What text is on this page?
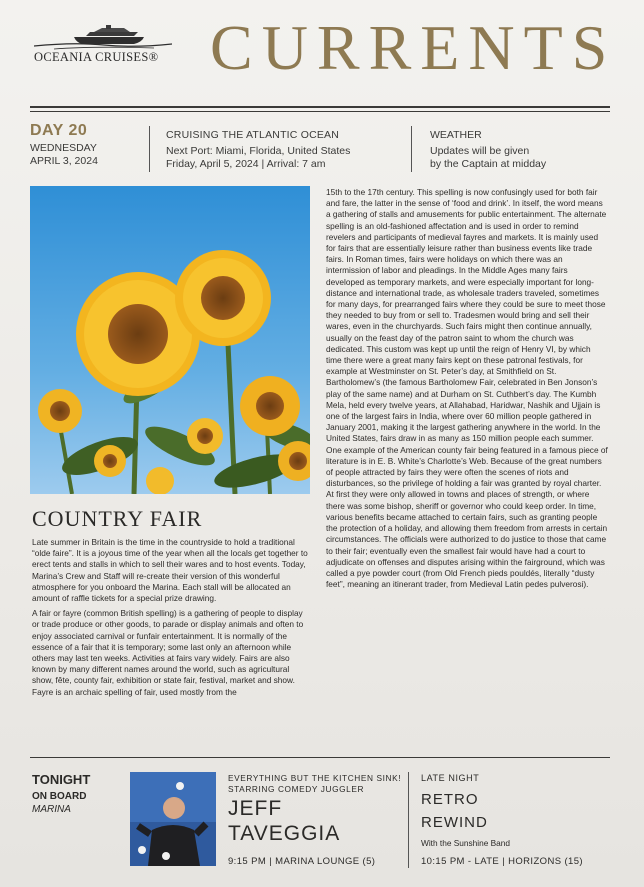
OCEANIA CRUISES® CURRENTS
DAY 20
WEDNESDAY
APRIL 3, 2024
CRUISING THE ATLANTIC OCEAN
Next Port: Miami, Florida, United States
Friday, April 5, 2024 | Arrival: 7 am
WEATHER
Updates will be given
by the Captain at midday
COUNTRY FAIR

Late summer in Britain is the time in the countryside to hold a traditional “olde faire”. It is a joyous time of the year when all the locals get together to erect tents and stalls in which to sell their wares and to host events. Today, Marina’s Crew and Staff will re-create their version of this wonderful atmosphere for you onboard the Marina. Each stall will be allocated an amount of raffle tickets for a special prize drawing.

A fair or fayre (common British spelling) is a gathering of people to display or trade produce or other goods, to parade or display animals and often to enjoy associated carnival or funfair entertainment. It is normally of the essence of a fair that it is temporary; some last only an afternoon while others may last ten weeks. Activities at fairs vary widely. Fairs are also known by many different names around the world, such as agricultural show, fête, county fair, exhibition or state fair, festival, market and show. Fayre is an archaic spelling of fair, used mostly from the

15th to the 17th century. This spelling is now confusingly used for both fair and fare, the latter in the sense of ‘food and drink’. In itself, the word means a gathering of stalls and amusements for public entertainment. The alternate spelling is an old-fashioned affectation and is used in order to remind revelers and participants of medieval fayres and markets. It is mainly used for fairs that are essentially leisure rather than business events like trade fairs. In Roman times, fairs were holidays on which there was an intermission of labor and pleadings. In the Middle Ages many fairs developed as temporary markets, and were especially important for long-distance and international trade, as wholesale traders traveled, sometimes for many days, for prearranged fairs where they could be sure to meet those they needed to buy from or sell to. Tradesmen would bring and sell their wares, even in the churchyards. Such fairs might then continue annually, usually on the feast day of the patron saint to whom the church was dedicated. This custom was kept up until the reign of Henry VI, by which time there were a great many fairs kept on these patronal festivals, for example at Westminster on St. Peter’s day, at Smithfield on St. Bartholomew’s (the famous Bartholomew Fair, celebrated in Ben Jonson’s play of the same name) and at Durham on St. Cuthbert’s day. The Kumbh Mela, held every twelve years, at Allahabad, Haridwar, Nashik and Ujjain is one of the largest fairs in India, where over 60 million people gathered in January 2001, making it the largest gathering anywhere in the world. In the United States, fairs draw in as many as 150 million people each summer. One example of the American county fair being featured in a famous piece of literature is in E. B. White’s Charlotte’s Web. Because of the great numbers of people attracted by fairs they were often the scenes of riots and disturbances, so the privilege of holding a fair was granted by royal charter. At first they were only allowed in towns and places of strength, or where there was some bishop, sheriff or governor who could keep order. In time, various benefits became attached to certain fairs, such as granting people the protection of a holiday, and allowing them freedom from arrests in certain circumstances. The officials were authorized to do justice to those that came to their fair; eventually even the smallest fair would have had a court to adjudicate on offenses and disputes arising within the fairground, which was called a pye powder court (from Old French pieds pouldés, literally “dusty feet”, meaning an itinerant trader, from Medieval Latin pedes pulverosi).

TONIGHT
ON BOARD
MARINA
EVERYTHING BUT THE KITCHEN SINK!
STARRING COMEDY JUGGLER
JEFF
TAVEGGIA
9:15 PM | MARINA LOUNGE (5)
LATE NIGHT
RETRO
REWIND
With the Sunshine Band
10:15 PM - LATE | HORIZONS (15)
